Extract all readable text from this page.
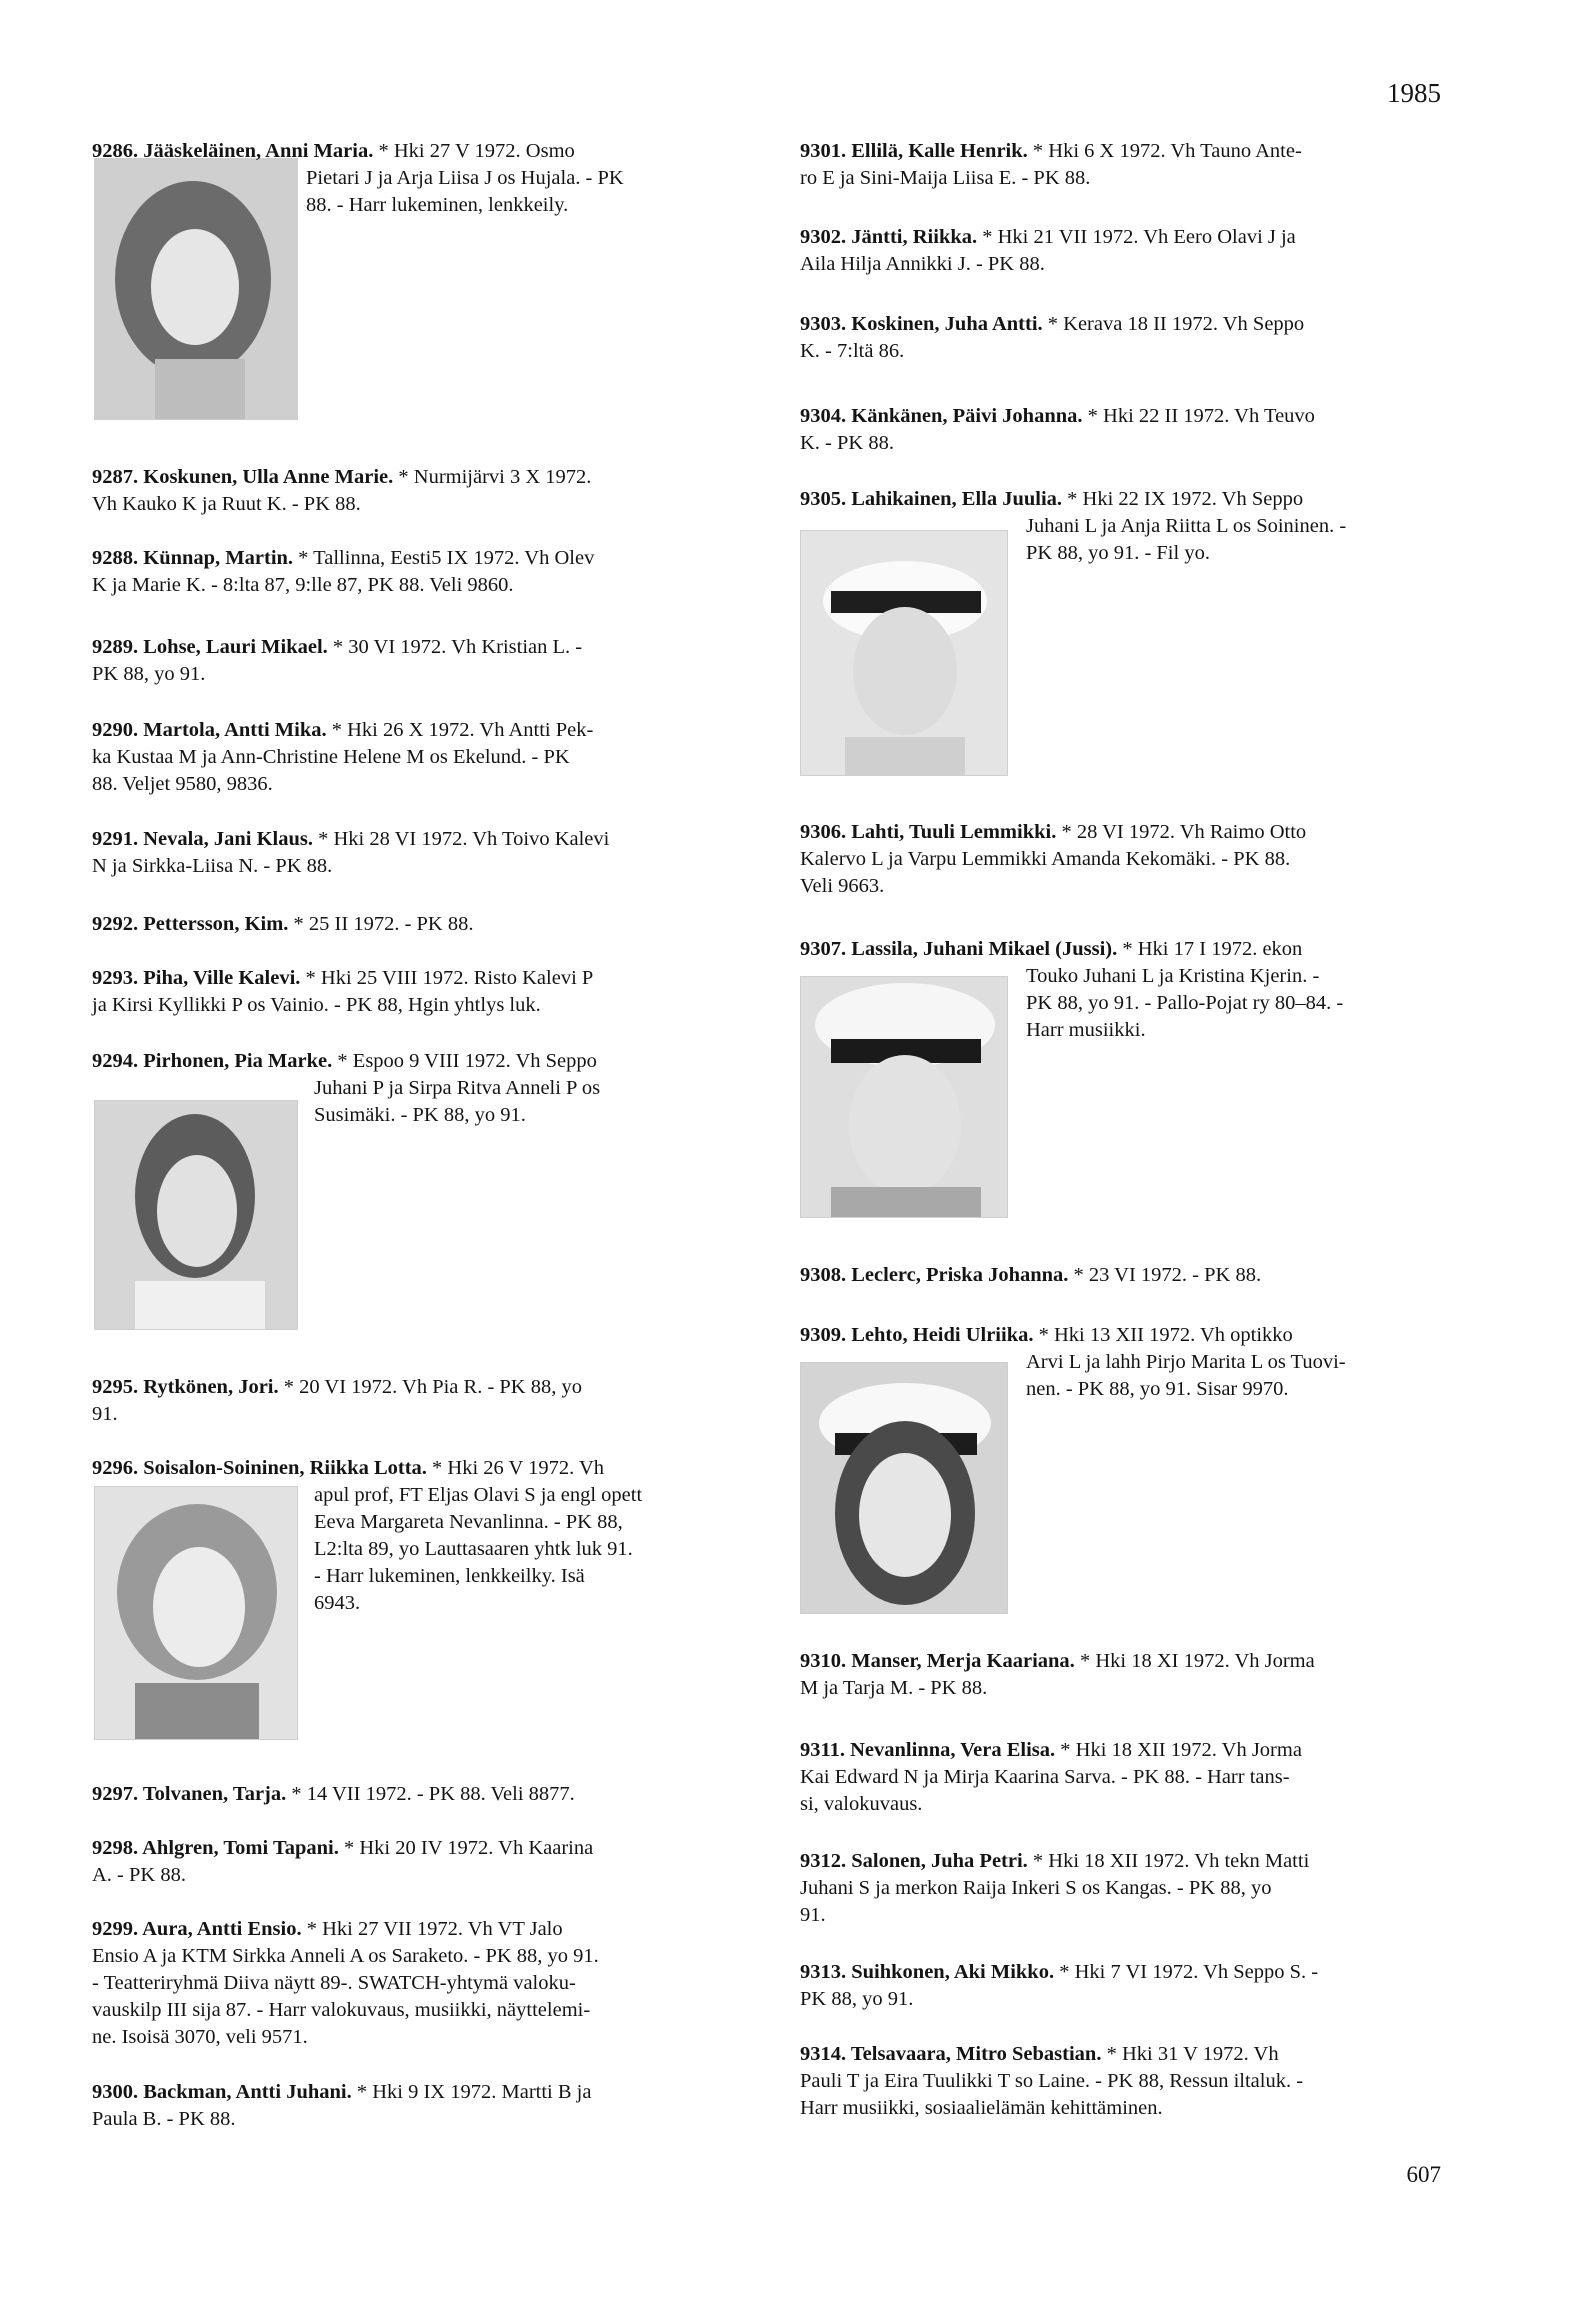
1985
9286. Jääskeläinen, Anni Maria. * Hki 27 V 1972. Osmo
Pietari J ja Arja Liisa J os Hujala. - PK
88. - Harr lukeminen, lenkkeily.
9287. Koskunen, Ulla Anne Marie. * Nurmijärvi 3 X 1972.
Vh Kauko K ja Ruut K. - PK 88.
9288. Künnap, Martin. * Tallinna, Eesti5 IX 1972. Vh Olev
K ja Marie K. - 8:lta 87, 9:lle 87, PK 88. Veli 9860.
9289. Lohse, Lauri Mikael. * 30 VI 1972. Vh Kristian L. -
PK 88, yo 91.
9290. Martola, Antti Mika. * Hki 26 X 1972. Vh Antti Pek-
ka Kustaa M ja Ann-Christine Helene M os Ekelund. - PK
88. Veljet 9580, 9836.
9291. Nevala, Jani Klaus. * Hki 28 VI 1972. Vh Toivo Kalevi
N ja Sirkka-Liisa N. - PK 88.
9292. Pettersson, Kim. * 25 II 1972. - PK 88.
9293. Piha, Ville Kalevi. * Hki 25 VIII 1972. Risto Kalevi P
ja Kirsi Kyllikki P os Vainio. - PK 88, Hgin yhtlys luk.
9294. Pirhonen, Pia Marke. * Espoo 9 VIII 1972. Vh Seppo
Juhani P ja Sirpa Ritva Anneli P os
Susimäki. - PK 88, yo 91.
9295. Rytkönen, Jori. * 20 VI 1972. Vh Pia R. - PK 88, yo
91.
9296. Soisalon-Soininen, Riikka Lotta. * Hki 26 V 1972. Vh
apul prof, FT Eljas Olavi S ja engl opett
Eeva Margareta Nevanlinna. - PK 88,
L2:lta 89, yo Lauttasaaren yhtk luk 91.
- Harr lukeminen, lenkkeilky. Isä
6943.
9297. Tolvanen, Tarja. * 14 VII 1972. - PK 88. Veli 8877.
9298. Ahlgren, Tomi Tapani. * Hki 20 IV 1972. Vh Kaarina
A. - PK 88.
9299. Aura, Antti Ensio. * Hki 27 VII 1972. Vh VT Jalo
Ensio A ja KTM Sirkka Anneli A os Saraketo. - PK 88, yo 91.
- Teatteriryhmä Diiva näytt 89-. SWATCH-yhtymä valoku-
vauskilp III sija 87. - Harr valokuvaus, musiikki, näyttelemi-
ne. Isoisä 3070, veli 9571.
9300. Backman, Antti Juhani. * Hki 9 IX 1972. Martti B ja
Paula B. - PK 88.
9301. Ellilä, Kalle Henrik. * Hki 6 X 1972. Vh Tauno Ante-
ro E ja Sini-Maija Liisa E. - PK 88.
9302. Jäntti, Riikka. * Hki 21 VII 1972. Vh Eero Olavi J ja
Aila Hilja Annikki J. - PK 88.
9303. Koskinen, Juha Antti. * Kerava 18 II 1972. Vh Seppo
K. - 7:ltä 86.
9304. Känkänen, Päivi Johanna. * Hki 22 II 1972. Vh Teuvo
K. - PK 88.
9305. Lahikainen, Ella Juulia. * Hki 22 IX 1972. Vh Seppo
Juhani L ja Anja Riitta L os Soininen. -
PK 88, yo 91. - Fil yo.
9306. Lahti, Tuuli Lemmikki. * 28 VI 1972. Vh Raimo Otto
Kalervo L ja Varpu Lemmikki Amanda Kekomäki. - PK 88.
Veli 9663.
9307. Lassila, Juhani Mikael (Jussi). * Hki 17 I 1972. ekon
Touko Juhani L ja Kristina Kjerin. -
PK 88, yo 91. - Pallo-Pojat ry 80–84. -
Harr musiikki.
9308. Leclerc, Priska Johanna. * 23 VI 1972. - PK 88.
9309. Lehto, Heidi Ulriika. * Hki 13 XII 1972. Vh optikko
Arvi L ja lahh Pirjo Marita L os Tuovi-
nen. - PK 88, yo 91. Sisar 9970.
9310. Manser, Merja Kaariana. * Hki 18 XI 1972. Vh Jorma
M ja Tarja M. - PK 88.
9311. Nevanlinna, Vera Elisa. * Hki 18 XII 1972. Vh Jorma
Kai Edward N ja Mirja Kaarina Sarva. - PK 88. - Harr tans-
si, valokuvaus.
9312. Salonen, Juha Petri. * Hki 18 XII 1972. Vh tekn Matti
Juhani S ja merkon Raija Inkeri S os Kangas. - PK 88, yo
91.
9313. Suihkonen, Aki Mikko. * Hki 7 VI 1972. Vh Seppo S. -
PK 88, yo 91.
9314. Telsavaara, Mitro Sebastian. * Hki 31 V 1972. Vh
Pauli T ja Eira Tuulikki T so Laine. - PK 88, Ressun iltaluk. -
Harr musiikki, sosiaalielämän kehittäminen.
607
